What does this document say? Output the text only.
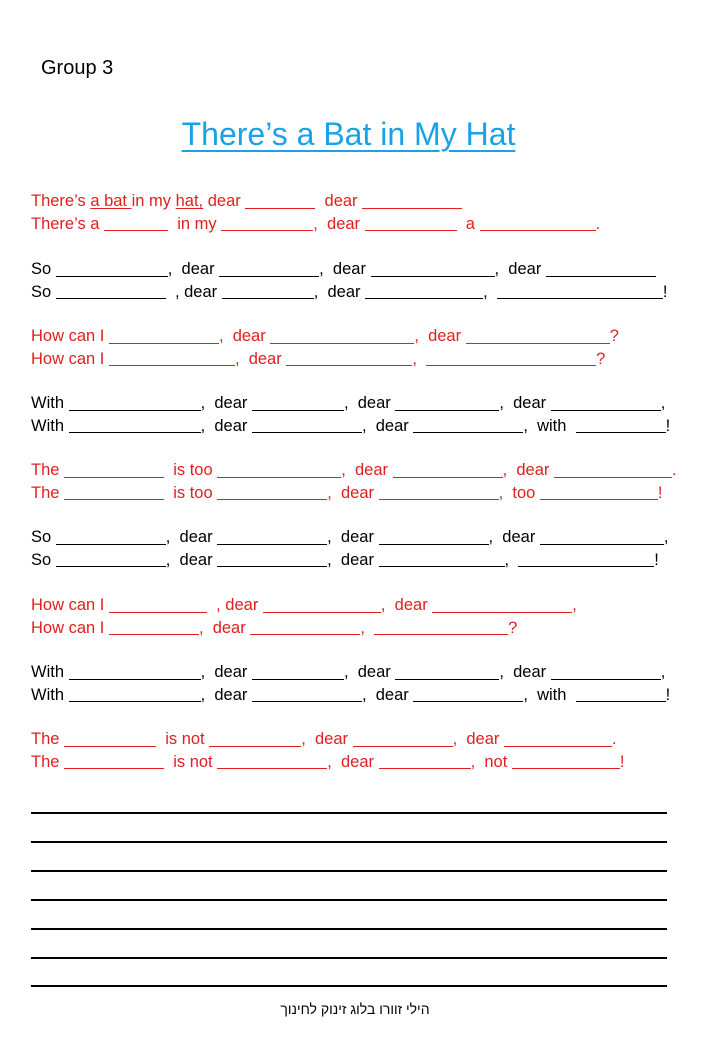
Group 3
There’s a Bat in My Hat
There’s a bat in my hat, dear	dear
There’s a	in my	,  dear	a	.
So	,  dear	,  dear	,  dear
So	, dear	,  dear	,	!
How can I	,  dear	,  dear	?
How can I	,  dear	,	?
With	,  dear	,  dear	,  dear	,
With	,  dear	,  dear	,  with	!
The	is too	,  dear	,  dear	.
The	is too	,  dear	,  too	!
So	,  dear	,  dear	,  dear	,
So	,  dear	,  dear	,	!
How can I	, dear	,  dear	,
How can I	,  dear	,	?
With	,  dear	,  dear	,  dear	,
With	,  dear	,  dear	,  with	!
The	is not	,  dear	,  dear	.
The	is not	,  dear	,  not	!
הילי זוורו בלוג זינוק לחינוך
